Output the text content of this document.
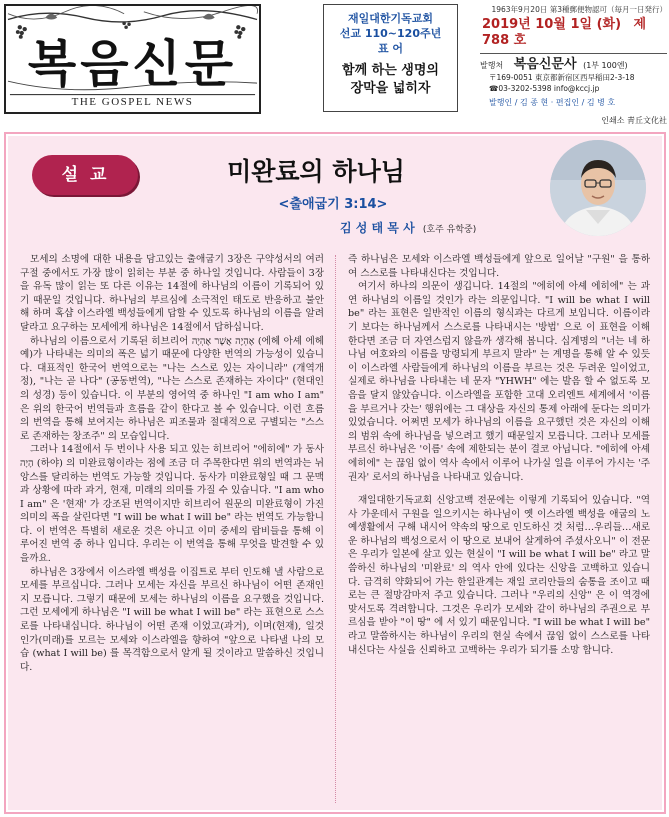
복음신문
THE GOSPEL NEWS
재일대한기독교회
선교 110~120주년
표 어
함께 하는 생명의
장막을 넓히자
1963年9月20日 第3種郵便物認可（毎月一日発行）
2019년 10월 1일 (화) 제 788 호
발행처 복음신문사 (1부 100엔)
〒169-0051 東京都新宿区西早稲田2-3-18
☎03-3202-5398 info@kccj.jp
발행인 / 김 종 현 · 편집인 / 김 병 호
인쇄소 靑丘文化社
설교	미완료의 하나님
<출애굽기 3:14>
김 성 태 목 사 (호주 유학중)

모세의 소명에 대한 내용을 담고있는 출애굽기 3장은 구약성서의 여러 구절 중에서도 가장 많이 읽히는 부분 중 하나일 것입니다. 사람들이 3장을 유독 많이 읽는 또 다른 이유는 14절에 하나님의 이름이 기록되어 있기 때문일 것입니다. 하나님의 부르심에 소극적인 태도로 반응하고 불안해 하며 혹샵 이스라엘 백성들에게 답할 수 있도록 하나님의 이름을 알려달라고 요구하는 모세에게 하나님은 14절에서 답하십니다.

하나님의 이름으로서 기록된 히브리어 אֶהְיֶה אֲשֶׁר אֶהְיֶה (에헤 아셰 에헤예)가 나타내는 의미의 폭은 넓기 때문에 다양한 번역의 가능성이 있습니다. 대표적인 한국어 번역으로는 "나는 스스로 있는 자이니라" (개역개정), "나는 곧 나다" (공동번역), "나는 스스로 존재하는 자이다" (현대인의 성경) 등이 있습니다. 이 부분의 영어역 중 하나인 "I am who I am" 은 위의 한국어 번역들과 흐름을 같이 한다고 볼 수 있습니다. 이런 흐름의 번역을 통해 보여지는 하나님은 피조물과 절대적으로 구별되는 "스스로 존재하는 창조주" 의 모습입니다.

그러나 14절에서 두 번이나 사용 되고 있는 히브리어 "에히에" 가 동사 הָיָה (하야) 의 미완료형이라는 점에 조금 더 주목한다면 위의 번역과는 뉘앙스를 달리하는 번역도 가능할 것입니다. 동사가 미완료형일 때 그 문맥과 상황에 따라 과거, 현재, 미래의 의미를 가질 수 있습니다. "I am who I am" 은 '현재' 가 강조된 번역이지만 히브리어 원문의 미완료형이 가진 의미의 폭을 살린다면 "I will be what I will be" 라는 번역도 가능합니다. 이 번역은 특별히 새로운 것은 아니고 이미 중세의 랍비들을 통해 이루어진 번역 중 하나 입니다. 우리는 이 번역을 통해 무엇을 발견할 수 있을까요.

하나님은 3장에서 이스라엘 백성을 이집트로 부터 인도해 낼 사람으로 모세를 부르십니다. 그러나 모세는 자신을 부르신 하나님이 어떤 존재인지 모릅니다. 그렇기 때문에 모세는 하나님의 이름을 요구했을 것입니다. 그런 모세에게 하나님은 "I will be what I will be" 라는 표현으로 스스로를 나타내십니다. 하나님이 어떤 존재 이었고(과거), 이며(현재), 일것인가(미래)를 모르는 모세와 이스라엘을 향하여 "앞으로 나타낼 나의 모습 (what I will be) 를 목격함으로서 알게 될 것이라고 말씀하신 것입니다.

즉 하나님은 모세와 이스라엘 백성들에게 앞으로 일어날 "구원" 을 통하여 스스로를 나타내신다는 것입니다.

여기서 하나의 의문이 생깁니다. 14절의 "에히에 아셰 에히에" 는 과연 하나님의 이름일 것인가 라는 의문입니다. "I will be what I will be" 라는 표현은 일반적인 이름의 형식과는 다르게 보입니다. 이름이라기 보다는 하나님께서 스스로를 나타내시는 '방법' 으로 이 표현을 이해 한다면 조금 더 자연스럽지 않을까 생각해 봅니다. 십계명의 "너는 네 하나님 여호와의 이름을 망령되게 부르지 말라" 는 계명을 통해 알 수 있듯이 이스라엘 사람들에게 하나님의 이름을 부르는 것은 두려운 일이었고, 실제로 하나님을 나타내는 네 문자 "YHWH" 에는 발음 할 수 없도록 모음을 달지 않았습니다. 이스라엘을 포함한 고대 오리엔트 세계에서 '이름을 부르거나 갓는' 행위에는 그 대상을 자신의 통제 아래에 둔다는 의미가 있었습니다. 어쩌면 모세가 하나님의 이름을 요구했던 것은 자신의 이해의 범위 속에 하나님을 넣으려고 했기 때문일지 모릅니다. 그러나 모세를 부르신 하나님은 '이름' 속에 제한되는 분이 결코 아닙니다. "에히에 아셰 에히에" 는 끊임 없이 역사 속에서 이루어 나가실 일을 이루어 가시는 '주권자' 로서의 하나님을 나타내고 있습니다.

재일대한기독교회 신앙고백 전문에는 이렇게 기록되어 있습니다. "역사 가운데서 구원을 일으키시는 하나님이 옛 이스라엘 백성을 애굽의 노예생활에서 구해 내시어 약속의 땅으로 인도하신 것 처럼…우리들…새로운 하나님의 백성으로서 이 땅으로 보내어 살게하여 주셨사오니" 이 전문은 우리가 일본에 살고 있는 현실이 "I will be what I will be" 라고 말씀하신 하나님의 '미완료' 의 역사 안에 있다는 신앙을 고백하고 있습니다. 급격히 약화되어 가는 한일관계는 재일 코리안들의 숨통을 조이고 때로는 큰 절망감마저 주고 있습니다. 그러나 "우리의 신앙" 은 이 역경에 맞서도록 격려합니다. 그것은 우리가 모세와 같이 하나님의 주권으로 부르심을 받아 "이 땅" 에 서 있기 때문입니다. "I will be what I will be" 라고 말씀하시는 하나님이 우리의 현실 속에서 끊임 없이 스스로를 나타내신다는 사실을 신뢰하고 고백하는 우리가 되기를 소망 합니다.
